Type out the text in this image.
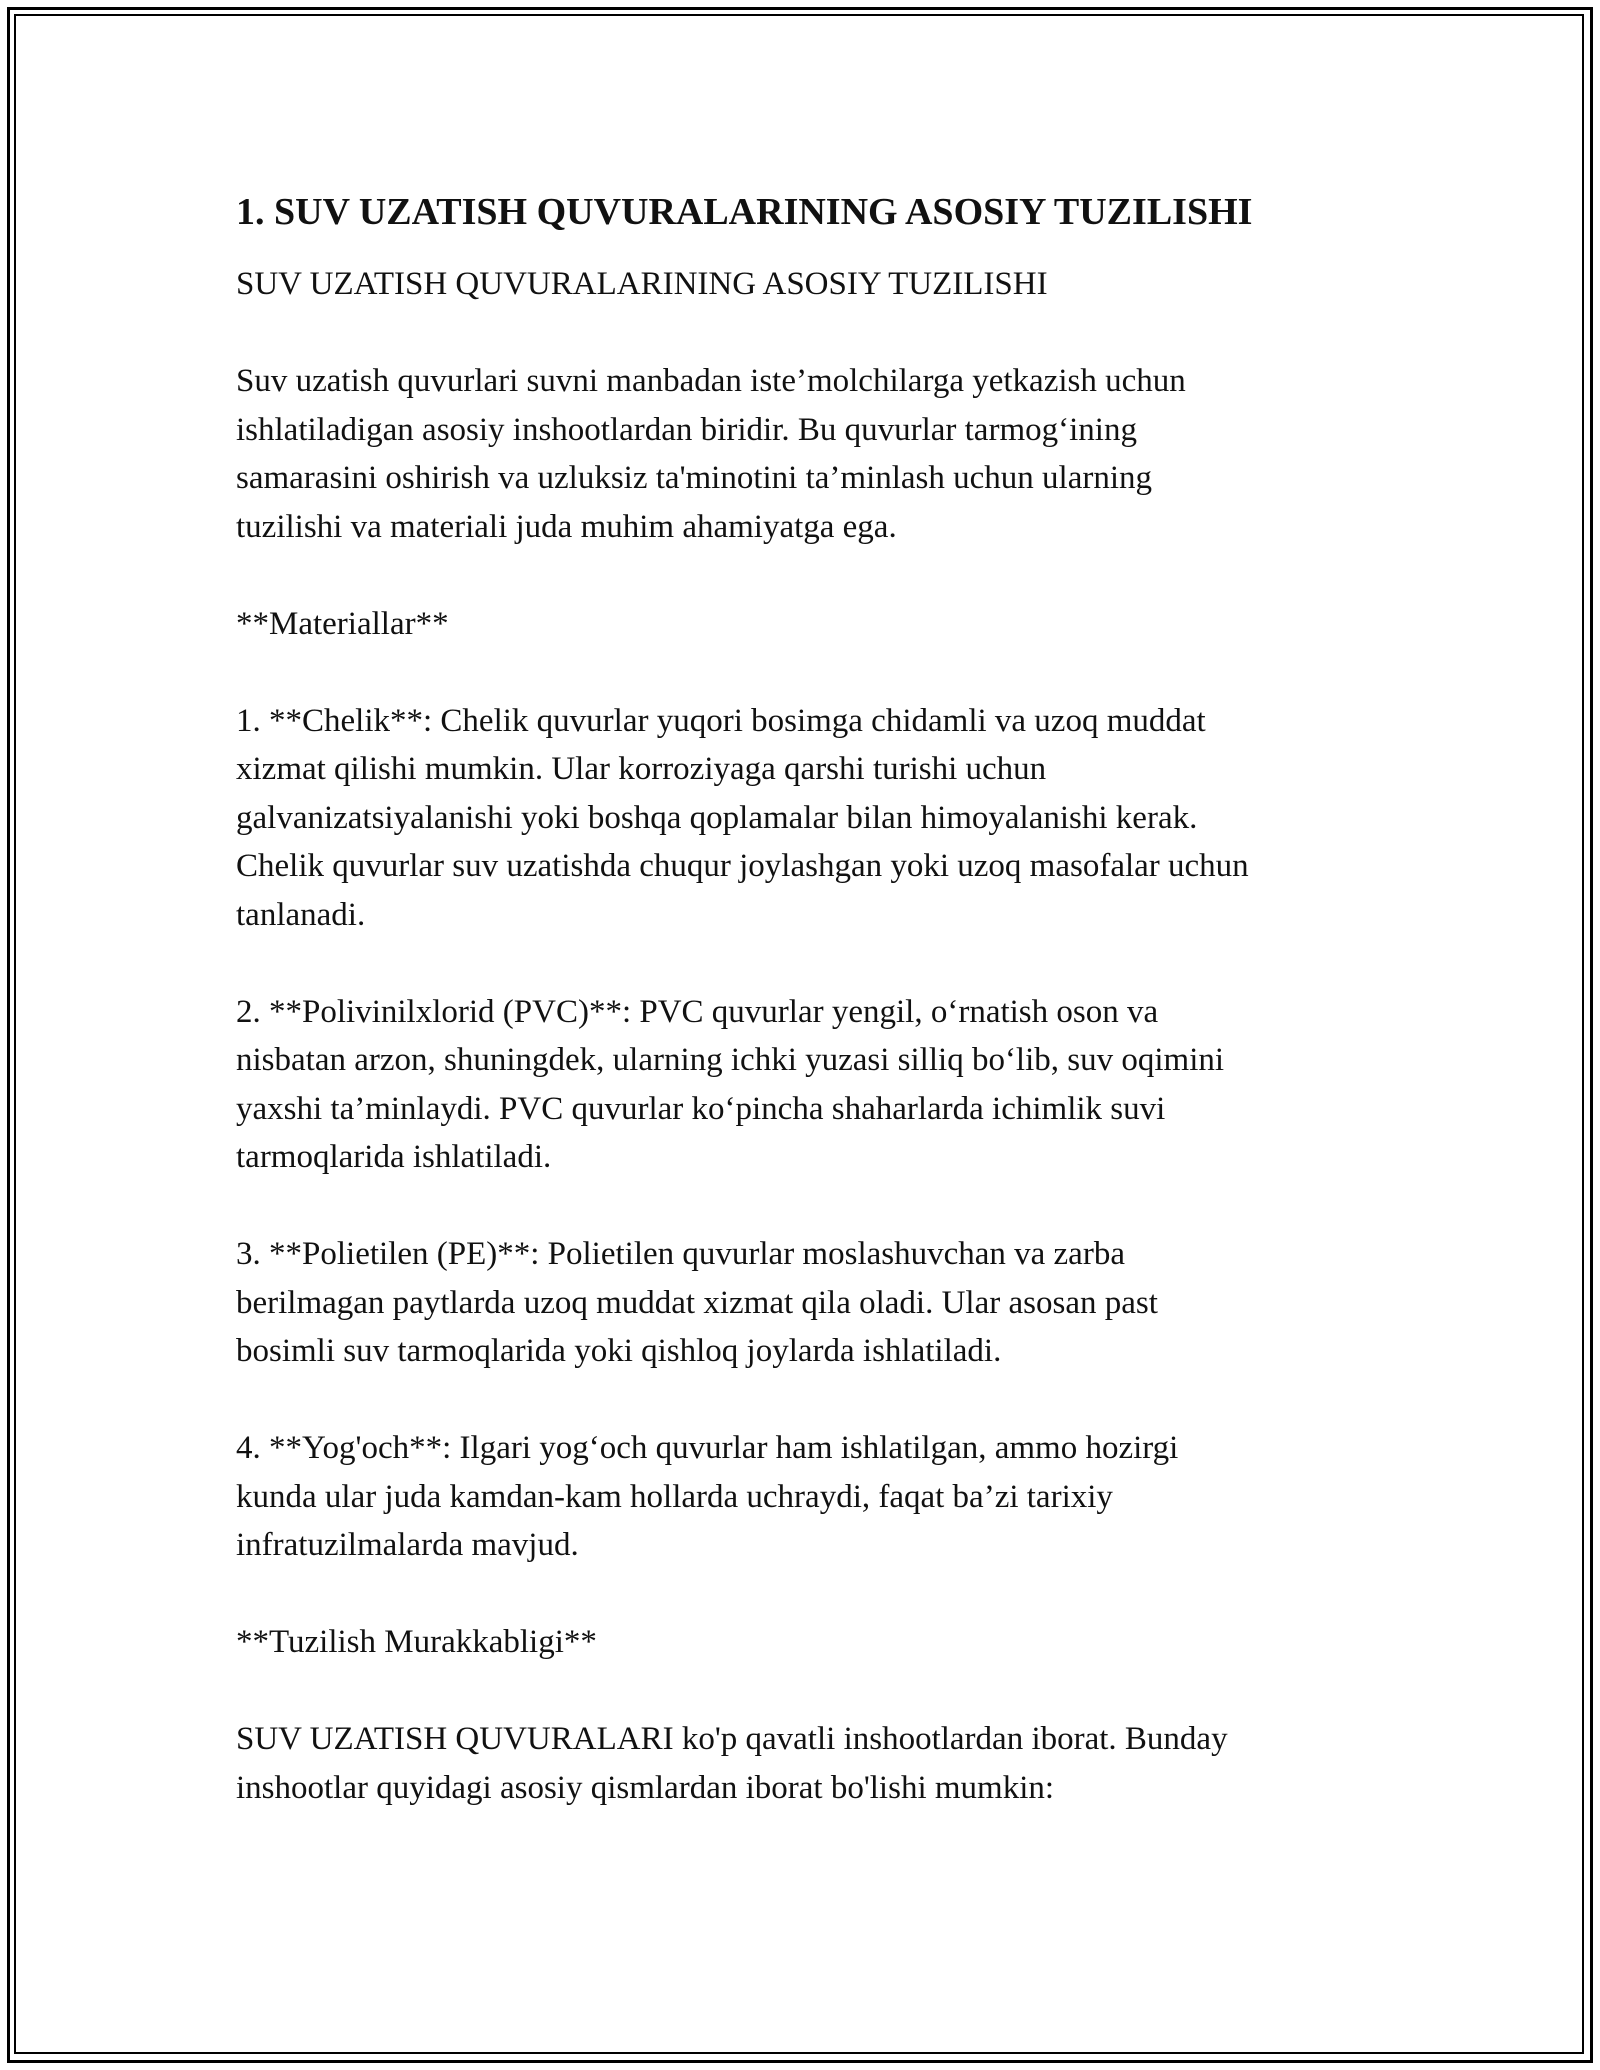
1. SUV UZATISH QUVURALARINING ASOSIY TUZILISHI

SUV UZATISH QUVURALARINING ASOSIY TUZILISHI

Suv uzatish quvurlari suvni manbadan iste’molchilarga yetkazish uchun
ishlatiladigan asosiy inshootlardan biridir. Bu quvurlar tarmog‘ining
samarasini oshirish va uzluksiz ta'minotini ta’minlash uchun ularning
tuzilishi va materiali juda muhim ahamiyatga ega.

**Materiallar**

1. **Chelik**: Chelik quvurlar yuqori bosimga chidamli va uzoq muddat
xizmat qilishi mumkin. Ular korroziyaga qarshi turishi uchun
galvanizatsiyalanishi yoki boshqa qoplamalar bilan himoyalanishi kerak.
Chelik quvurlar suv uzatishda chuqur joylashgan yoki uzoq masofalar uchun
tanlanadi.

2. **Polivinilxlorid (PVC)**: PVC quvurlar yengil, o‘rnatish oson va
nisbatan arzon, shuningdek, ularning ichki yuzasi silliq bo‘lib, suv oqimini
yaxshi ta’minlaydi. PVC quvurlar ko‘pincha shaharlarda ichimlik suvi
tarmoqlarida ishlatiladi.

3. **Polietilen (PE)**: Polietilen quvurlar moslashuvchan va zarba
berilmagan paytlarda uzoq muddat xizmat qila oladi. Ular asosan past
bosimli suv tarmoqlarida yoki qishloq joylarda ishlatiladi.

4. **Yog'och**: Ilgari yog‘och quvurlar ham ishlatilgan, ammo hozirgi
kunda ular juda kamdan-kam hollarda uchraydi, faqat ba’zi tarixiy
infratuzilmalarda mavjud.

**Tuzilish Murakkabligi**

SUV UZATISH QUVURALARI ko'p qavatli inshootlardan iborat. Bunday
inshootlar quyidagi asosiy qismlardan iborat bo'lishi mumkin:
